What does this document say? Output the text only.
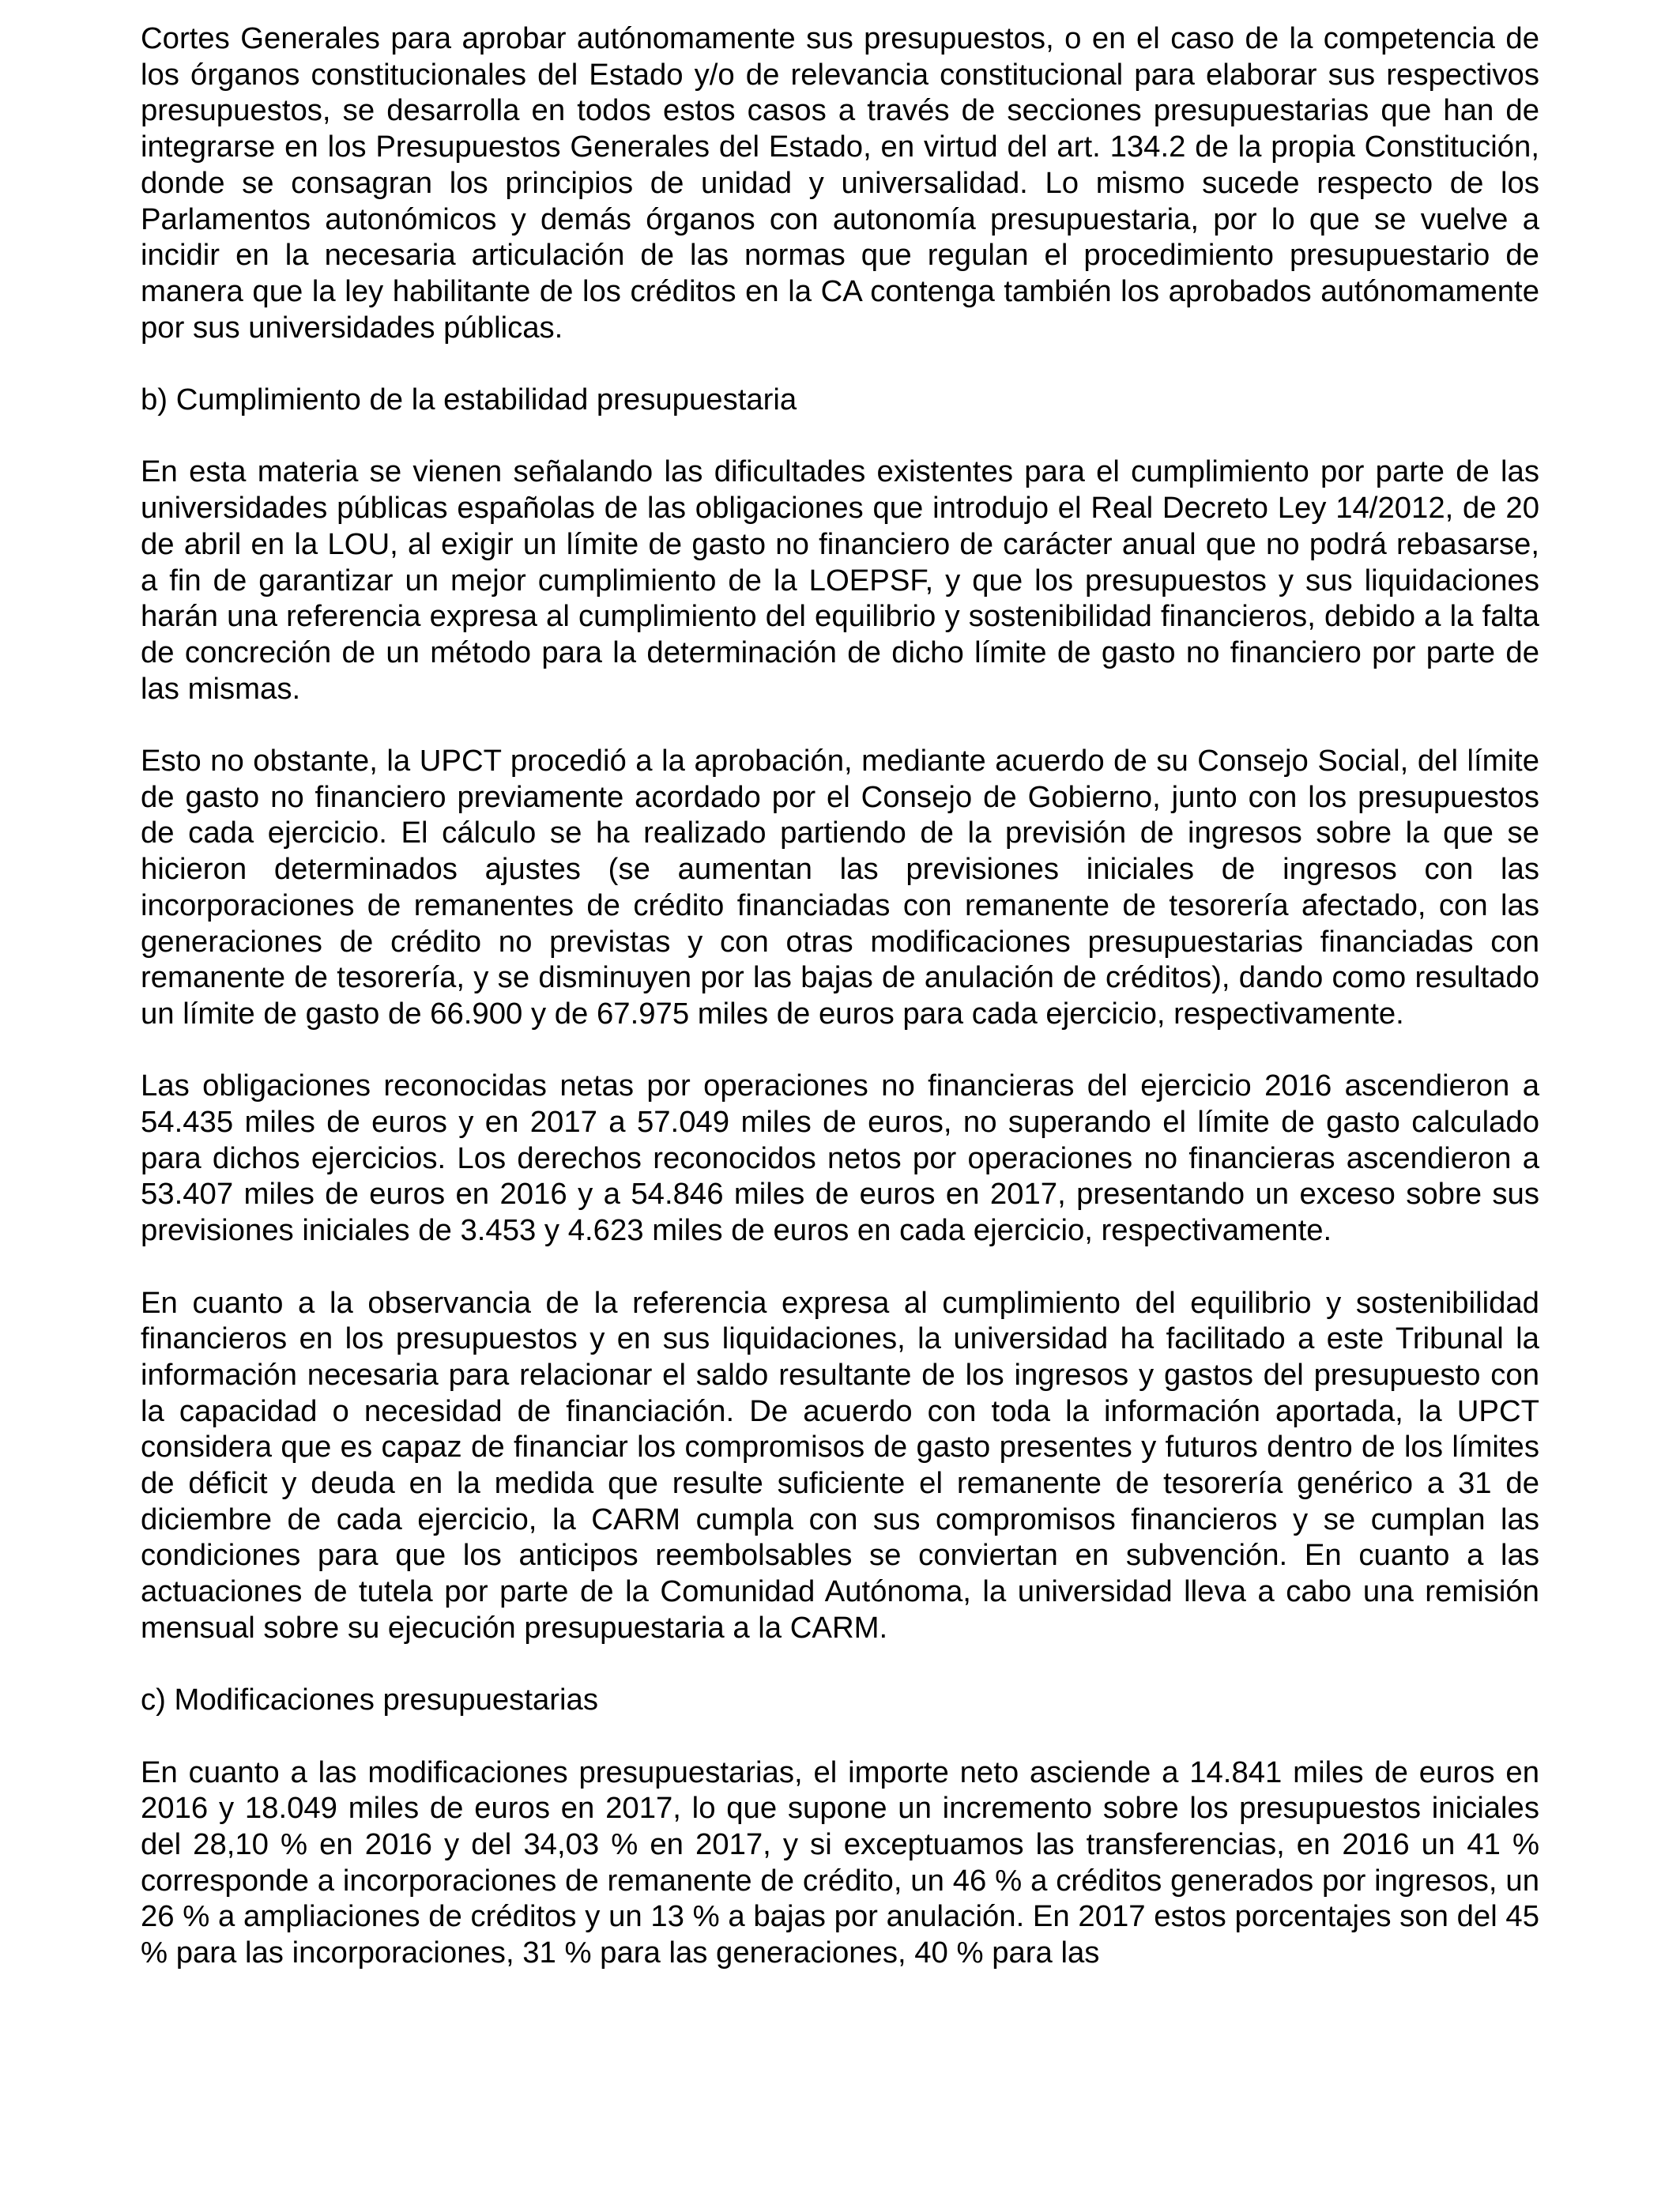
Cortes Generales para aprobar autónomamente sus presupuestos, o en el caso de la competencia de los órganos constitucionales del Estado y/o de relevancia constitucional para elaborar sus respectivos presupuestos, se desarrolla en todos estos casos a través de secciones presupuestarias que han de integrarse en los Presupuestos Generales del Estado, en virtud del art. 134.2 de la propia Constitución, donde se consagran los principios de unidad y universalidad. Lo mismo sucede respecto de los Parlamentos autonómicos y demás órganos con autonomía presupuestaria, por lo que se vuelve a incidir en la necesaria articulación de las normas que regulan el procedimiento presupuestario de manera que la ley habilitante de los créditos en la CA contenga también los aprobados autónomamente por sus universidades públicas.

b) Cumplimiento de la estabilidad presupuestaria

En esta materia se vienen señalando las dificultades existentes para el cumplimiento por parte de las universidades públicas españolas de las obligaciones que introdujo el Real Decreto Ley 14/2012, de 20 de abril en la LOU, al exigir un límite de gasto no financiero de carácter anual que no podrá rebasarse, a fin de garantizar un mejor cumplimiento de la LOEPSF, y que los presupuestos y sus liquidaciones harán una referencia expresa al cumplimiento del equilibrio y sostenibilidad financieros, debido a la falta de concreción de un método para la determinación de dicho límite de gasto no financiero por parte de las mismas.

Esto no obstante, la UPCT procedió a la aprobación, mediante acuerdo de su Consejo Social, del límite de gasto no financiero previamente acordado por el Consejo de Gobierno, junto con los presupuestos de cada ejercicio. El cálculo se ha realizado partiendo de la previsión de ingresos sobre la que se hicieron determinados ajustes (se aumentan las previsiones iniciales de ingresos con las incorporaciones de remanentes de crédito financiadas con remanente de tesorería afectado, con las generaciones de crédito no previstas y con otras modificaciones presupuestarias financiadas con remanente de tesorería, y se disminuyen por las bajas de anulación de créditos), dando como resultado un límite de gasto de 66.900 y de 67.975 miles de euros para cada ejercicio, respectivamente.

Las obligaciones reconocidas netas por operaciones no financieras del ejercicio 2016 ascendieron a 54.435 miles de euros y en 2017 a 57.049 miles de euros, no superando el límite de gasto calculado para dichos ejercicios. Los derechos reconocidos netos por operaciones no financieras ascendieron a 53.407 miles de euros en 2016 y a 54.846 miles de euros en 2017, presentando un exceso sobre sus previsiones iniciales de 3.453 y 4.623 miles de euros en cada ejercicio, respectivamente.

En cuanto a la observancia de la referencia expresa al cumplimiento del equilibrio y sostenibilidad financieros en los presupuestos y en sus liquidaciones, la universidad ha facilitado a este Tribunal la información necesaria para relacionar el saldo resultante de los ingresos y gastos del presupuesto con la capacidad o necesidad de financiación. De acuerdo con toda la información aportada, la UPCT considera que es capaz de financiar los compromisos de gasto presentes y futuros dentro de los límites de déficit y deuda en la medida que resulte suficiente el remanente de tesorería genérico a 31 de diciembre de cada ejercicio, la CARM cumpla con sus compromisos financieros y se cumplan las condiciones para que los anticipos reembolsables se conviertan en subvención. En cuanto a las actuaciones de tutela por parte de la Comunidad Autónoma, la universidad lleva a cabo una remisión mensual sobre su ejecución presupuestaria a la CARM.

c) Modificaciones presupuestarias

En cuanto a las modificaciones presupuestarias, el importe neto asciende a 14.841 miles de euros en 2016 y 18.049 miles de euros en 2017, lo que supone un incremento sobre los presupuestos iniciales del 28,10 % en 2016 y del 34,03 % en 2017, y si exceptuamos las transferencias, en 2016 un 41 % corresponde a incorporaciones de remanente de crédito, un 46 % a créditos generados por ingresos, un 26 % a ampliaciones de créditos y un 13 % a bajas por anulación. En 2017 estos porcentajes son del 45 % para las incorporaciones, 31 % para las generaciones, 40 % para las
